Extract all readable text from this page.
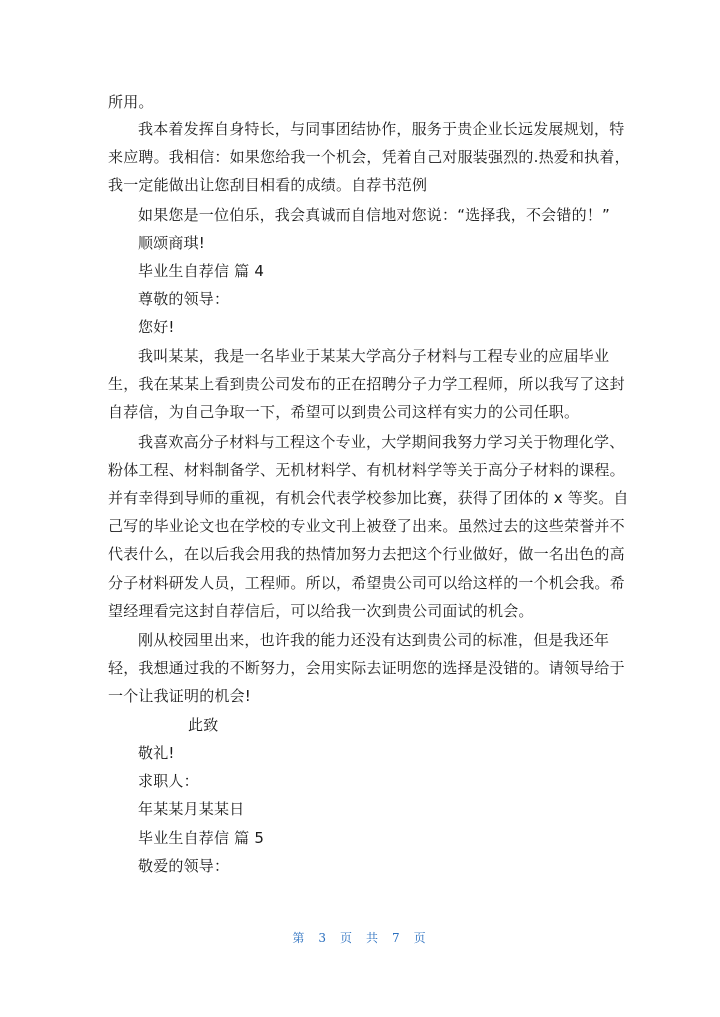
所用。
我本着发挥自身特长，与同事团结协作，服务于贵企业长远发展规划，特
来应聘。我相信：如果您给我一个机会，凭着自己对服装强烈的.热爱和执着，
我一定能做出让您刮目相看的成绩。自荐书范例
如果您是一位伯乐，我会真诚而自信地对您说：“选择我，不会错的！”
顺颂商琪!
毕业生自荐信 篇 4
尊敬的领导：
您好!
我叫某某，我是一名毕业于某某大学高分子材料与工程专业的应届毕业
生，我在某某上看到贵公司发布的正在招聘分子力学工程师，所以我写了这封
自荐信，为自己争取一下，希望可以到贵公司这样有实力的公司任职。
我喜欢高分子材料与工程这个专业，大学期间我努力学习关于物理化学、
粉体工程、材料制备学、无机材料学、有机材料学等关于高分子材料的课程。
并有幸得到导师的重视，有机会代表学校参加比赛，获得了团体的 x 等奖。自
己写的毕业论文也在学校的专业文刊上被登了出来。虽然过去的这些荣誉并不
代表什么，在以后我会用我的热情加努力去把这个行业做好，做一名出色的高
分子材料研发人员，工程师。所以，希望贵公司可以给这样的一个机会我。希
望经理看完这封自荐信后，可以给我一次到贵公司面试的机会。
刚从校园里出来，也许我的能力还没有达到贵公司的标准，但是我还年
轻，我想通过我的不断努力，会用实际去证明您的选择是没错的。请领导给于
一个让我证明的机会!
此致
敬礼!
求职人：
年某某月某某日
毕业生自荐信 篇 5
敬爱的领导：
第 3 页 共 7 页
